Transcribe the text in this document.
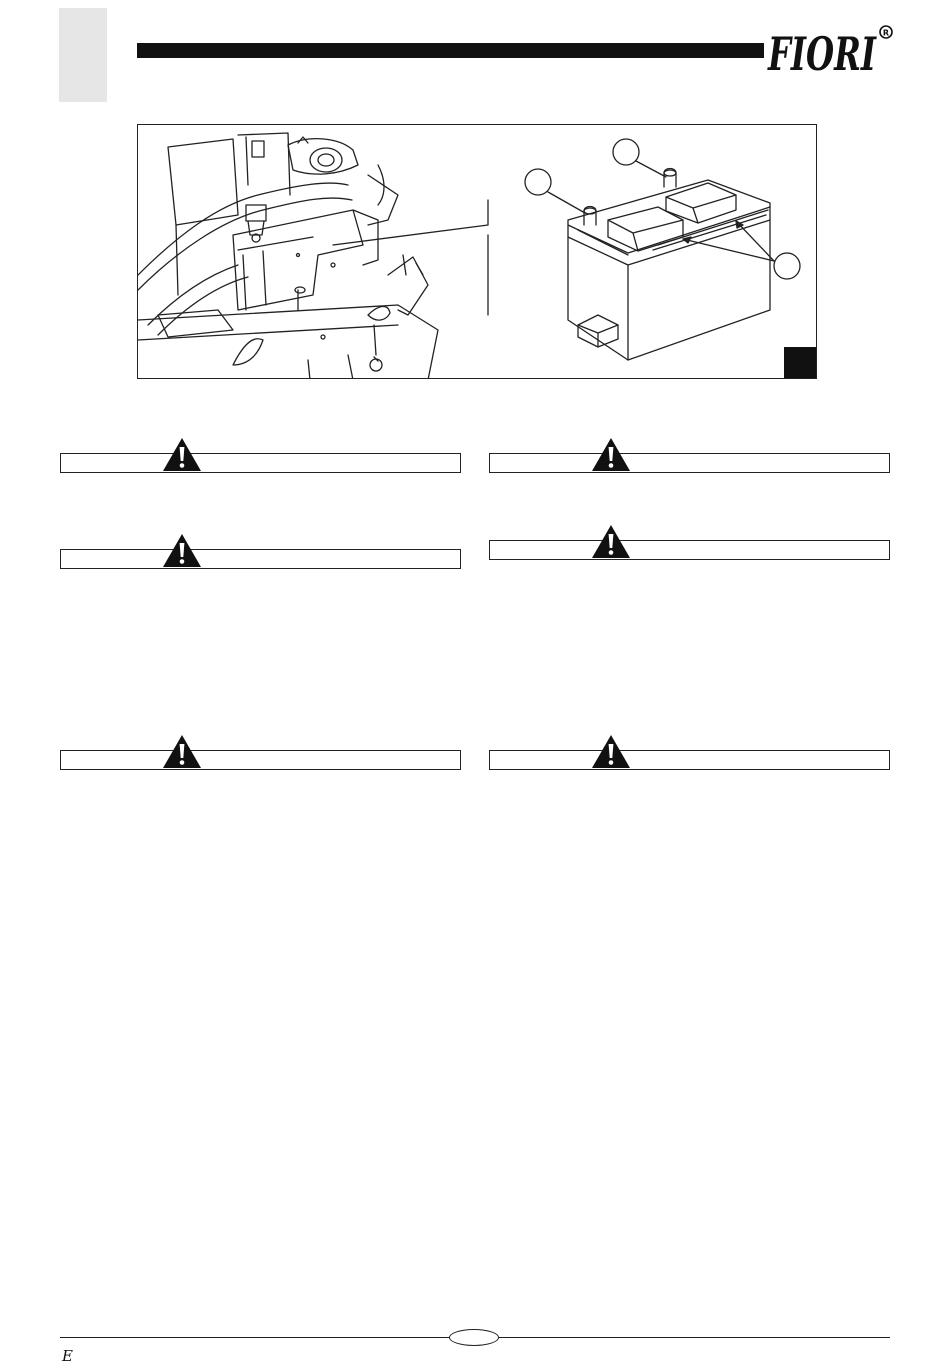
FIORI R
E
